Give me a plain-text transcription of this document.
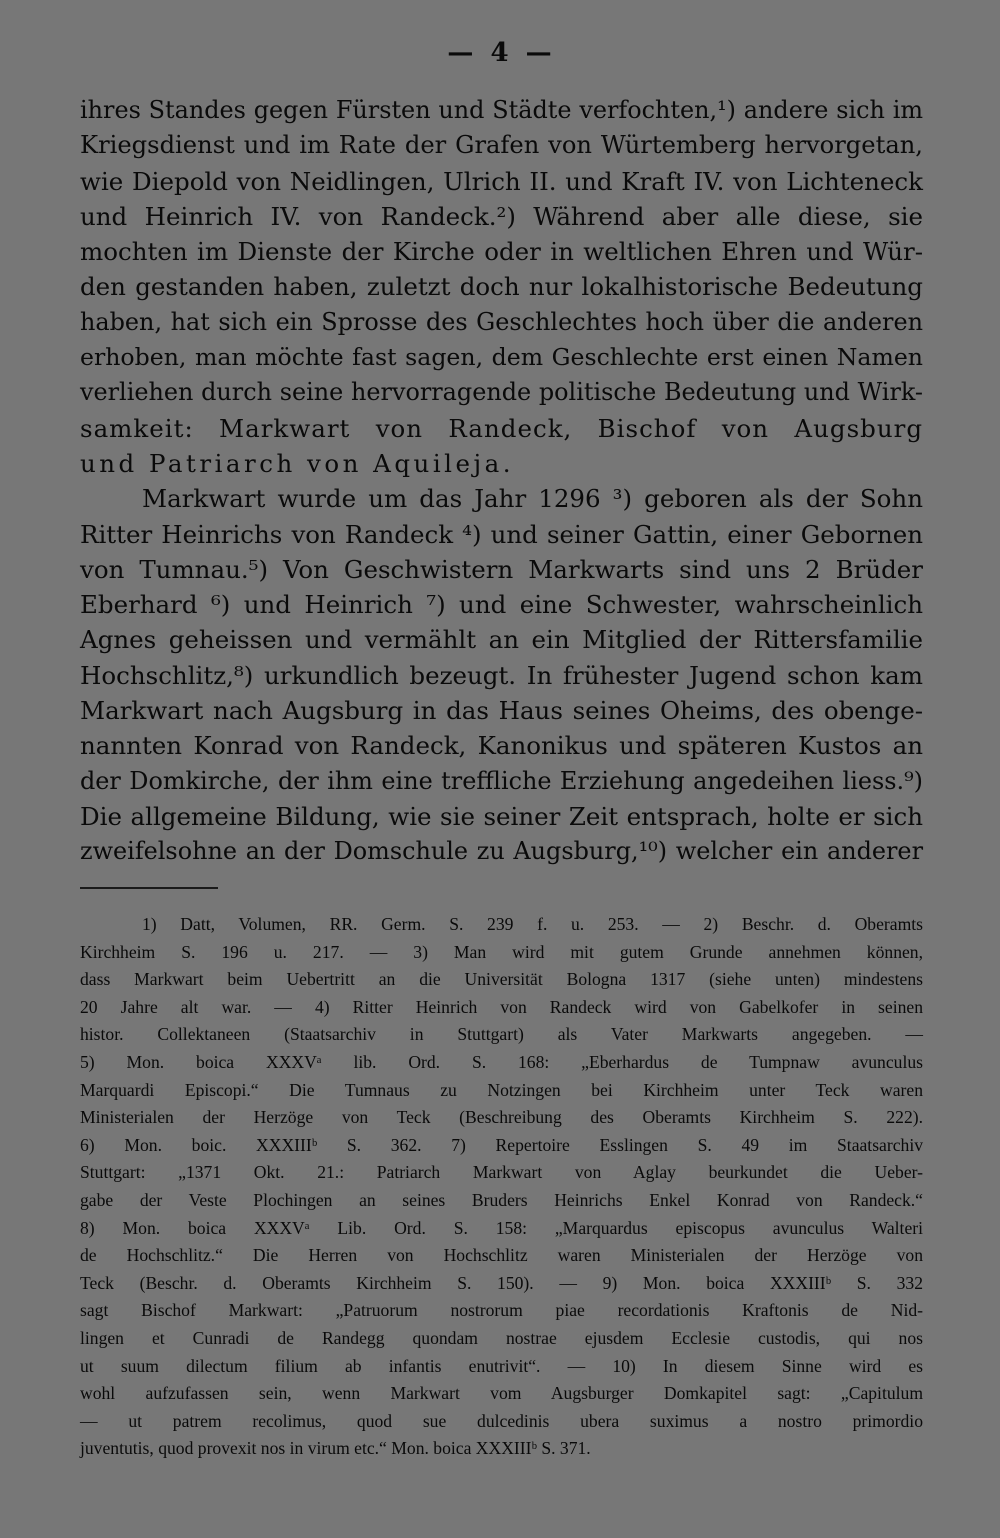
— 4 —
ihres Standes gegen Fürsten und Städte verfochten,¹) andere sich im
Kriegsdienst und im Rate der Grafen von Würtemberg hervorgetan,
wie Diepold von Neidlingen, Ulrich II. und Kraft IV. von Lichteneck
und Heinrich IV. von Randeck.²) Während aber alle diese, sie
mochten im Dienste der Kirche oder in weltlichen Ehren und Wür-
den gestanden haben, zuletzt doch nur lokalhistorische Bedeutung
haben, hat sich ein Sprosse des Geschlechtes hoch über die anderen
erhoben, man möchte fast sagen, dem Geschlechte erst einen Namen
verliehen durch seine hervorragende politische Bedeutung und Wirk-
samkeit: Markwart von Randeck, Bischof von Augsburg
und Patriarch von Aquileja.
Markwart wurde um das Jahr 1296 ³) geboren als der Sohn
Ritter Heinrichs von Randeck ⁴) und seiner Gattin, einer Gebornen
von Tumnau.⁵) Von Geschwistern Markwarts sind uns 2 Brüder
Eberhard ⁶) und Heinrich ⁷) und eine Schwester, wahrscheinlich
Agnes geheissen und vermählt an ein Mitglied der Rittersfamilie
Hochschlitz,⁸) urkundlich bezeugt. In frühester Jugend schon kam
Markwart nach Augsburg in das Haus seines Oheims, des obenge-
nannten Konrad von Randeck, Kanonikus und späteren Kustos an
der Domkirche, der ihm eine treffliche Erziehung angedeihen liess.⁹)
Die allgemeine Bildung, wie sie seiner Zeit entsprach, holte er sich
zweifelsohne an der Domschule zu Augsburg,¹⁰) welcher ein anderer
1) Datt, Volumen, RR. Germ. S. 239 f. u. 253. — 2) Beschr. d. Oberamts
Kirchheim S. 196 u. 217. — 3) Man wird mit gutem Grunde annehmen können,
dass Markwart beim Uebertritt an die Universität Bologna 1317 (siehe unten) mindestens
20 Jahre alt war. — 4) Ritter Heinrich von Randeck wird von Gabelkofer in seinen
histor. Collektaneen (Staatsarchiv in Stuttgart) als Vater Markwarts angegeben. —
5) Mon. boica XXXVᵃ lib. Ord. S. 168: „Eberhardus de Tumpnaw avunculus
Marquardi Episcopi.“ Die Tumnaus zu Notzingen bei Kirchheim unter Teck waren
Ministerialen der Herzöge von Teck (Beschreibung des Oberamts Kirchheim S. 222).
6) Mon. boic. XXXIIIᵇ S. 362. 7) Repertoire Esslingen S. 49 im Staatsarchiv
Stuttgart: „1371 Okt. 21.: Patriarch Markwart von Aglay beurkundet die Ueber-
gabe der Veste Plochingen an seines Bruders Heinrichs Enkel Konrad von Randeck.“
8) Mon. boica XXXVᵃ Lib. Ord. S. 158: „Marquardus episcopus avunculus Walteri
de Hochschlitz.“ Die Herren von Hochschlitz waren Ministerialen der Herzöge von
Teck (Beschr. d. Oberamts Kirchheim S. 150). — 9) Mon. boica XXXIIIᵇ S. 332
sagt Bischof Markwart: „Patruorum nostrorum piae recordationis Kraftonis de Nid-
lingen et Cunradi de Randegg quondam nostrae ejusdem Ecclesie custodis, qui nos
ut suum dilectum filium ab infantis enutrivit“. — 10) In diesem Sinne wird es
wohl aufzufassen sein, wenn Markwart vom Augsburger Domkapitel sagt: „Capitulum
— ut patrem recolimus, quod sue dulcedinis ubera suximus a nostro primordio
juventutis, quod provexit nos in virum etc.“ Mon. boica XXXIIIᵇ S. 371.
